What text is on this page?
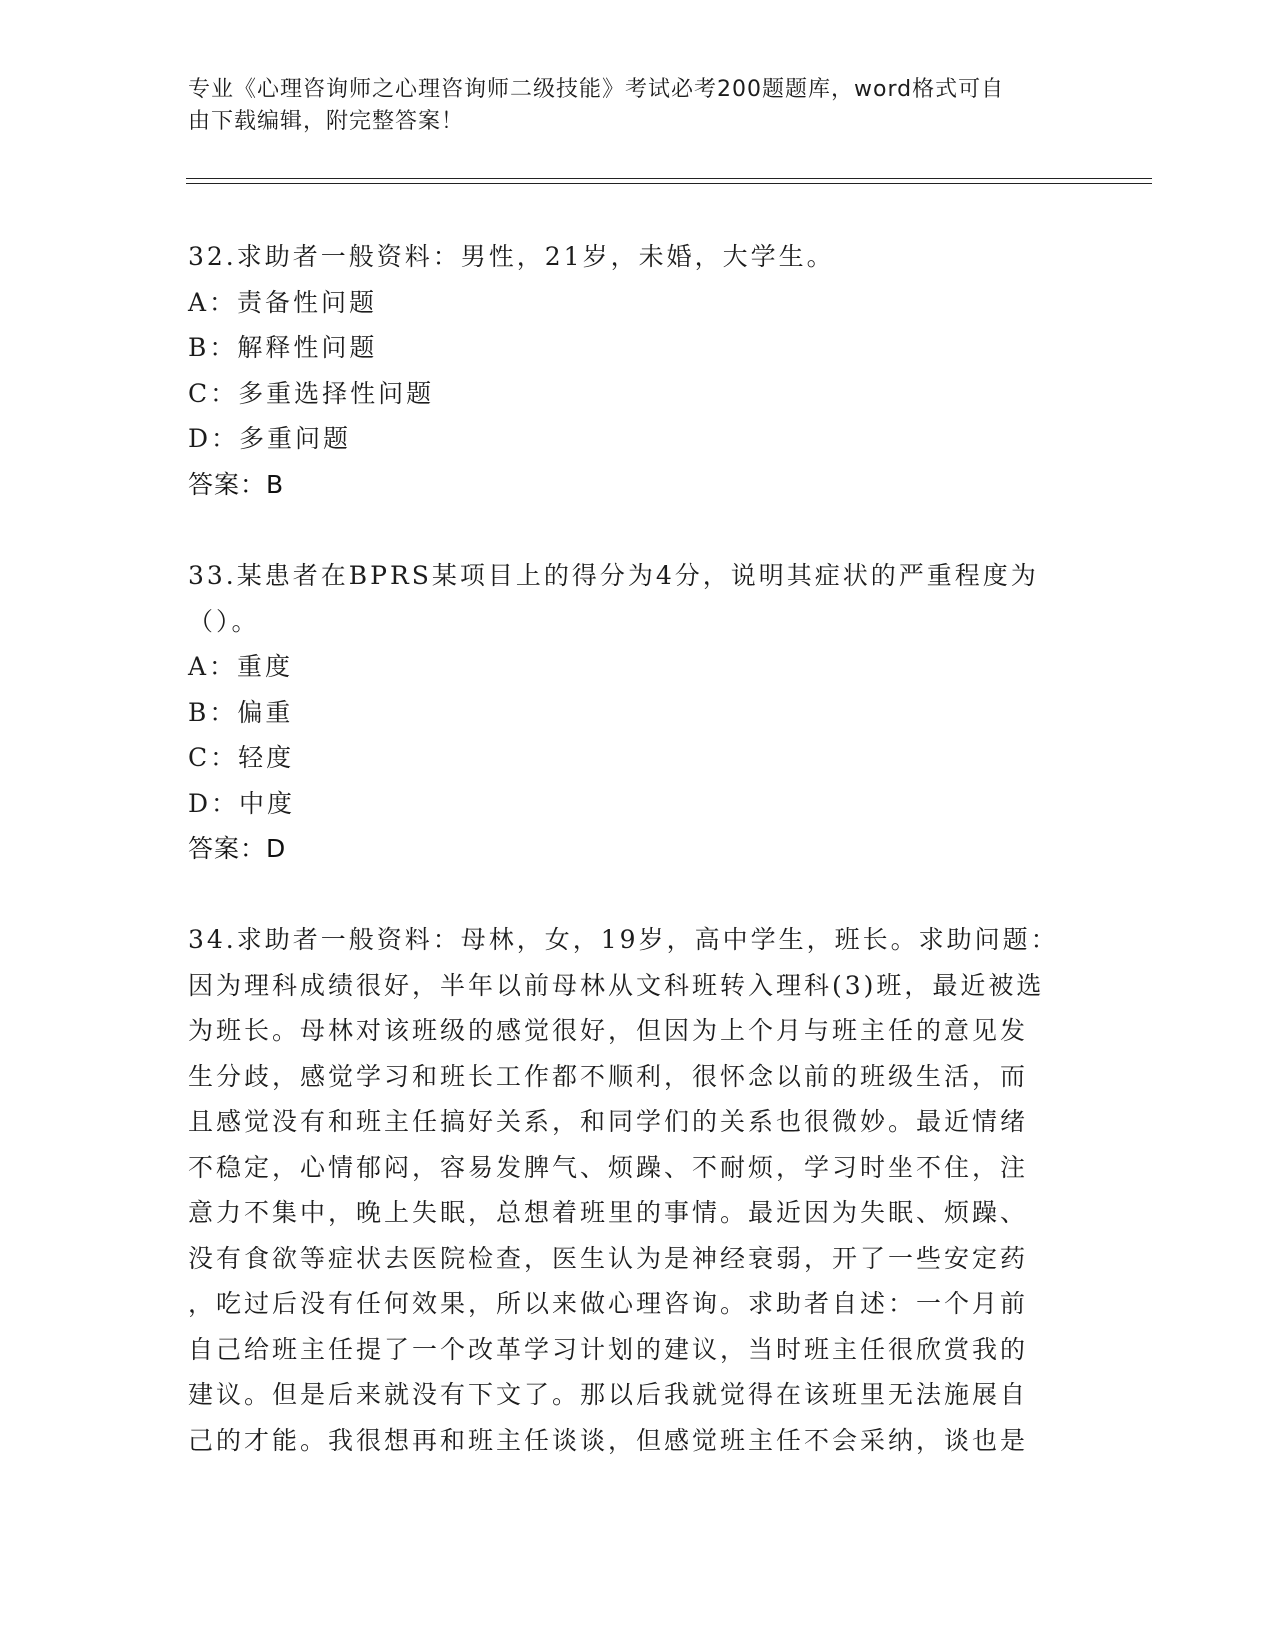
专业《心理咨询师之心理咨询师二级技能》考试必考200题题库，word格式可自
由下载编辑，附完整答案！
32.求助者一般资料：男性，21岁，未婚，大学生。
A：责备性问题
B：解释性问题
C：多重选择性问题
D：多重问题
答案：B
33.某患者在BPRS某项目上的得分为4分，说明其症状的严重程度为
（）。
A：重度
B：偏重
C：轻度
D：中度
答案：D
34.求助者一般资料：母林，女，19岁，高中学生，班长。求助问题：
因为理科成绩很好，半年以前母林从文科班转入理科(3)班，最近被选
为班长。母林对该班级的感觉很好，但因为上个月与班主任的意见发
生分歧，感觉学习和班长工作都不顺利，很怀念以前的班级生活，而
且感觉没有和班主任搞好关系，和同学们的关系也很微妙。最近情绪
不稳定，心情郁闷，容易发脾气、烦躁、不耐烦，学习时坐不住，注
意力不集中，晚上失眠，总想着班里的事情。最近因为失眠、烦躁、
没有食欲等症状去医院检查，医生认为是神经衰弱，开了一些安定药
，吃过后没有任何效果，所以来做心理咨询。求助者自述：一个月前
自己给班主任提了一个改革学习计划的建议，当时班主任很欣赏我的
建议。但是后来就没有下文了。那以后我就觉得在该班里无法施展自
己的才能。我很想再和班主任谈谈，但感觉班主任不会采纳，谈也是
